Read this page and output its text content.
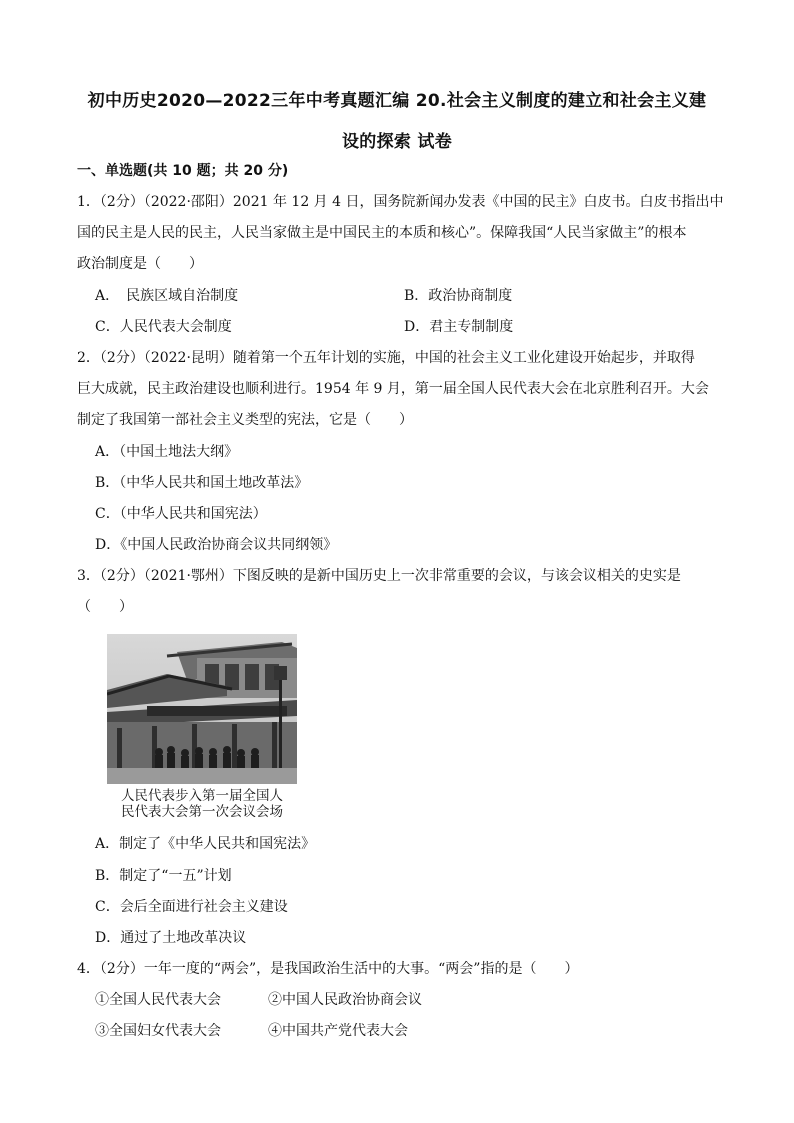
初中历史2020—2022三年中考真题汇编 20.社会主义制度的建立和社会主义建
设的探索 试卷
一、单选题(共 10 题；共 20 分)
1．（2分）（2022·邵阳）2021 年 12 月 4 日，国务院新闻办发表《中国的民主》白皮书。白皮书指出中
国的民主是人民的民主，人民当家做主是中国民主的本质和核心”。保障我国“人民当家做主”的根本
政治制度是（　　）
A．　民族区域自治制度	B．政治协商制度
C．人民代表大会制度	D．君主专制制度
2．（2分）（2022·昆明）随着第一个五年计划的实施，中国的社会主义工业化建设开始起步，并取得
巨大成就，民主政治建设也顺利进行。1954 年 9 月，第一届全国人民代表大会在北京胜利召开。大会
制定了我国第一部社会主义类型的宪法，它是（　　）
A．（中国土地法大纲》
B．（中华人民共和国土地改革法》
C．（中华人民共和国宪法）
D．《中国人民政治协商会议共同纲领》
3．（2分）（2021·鄂州）下图反映的是新中国历史上一次非常重要的会议，与该会议相关的史实是
（　　）
人民代表步入第一届全国人
民代表大会第一次会议会场
A．制定了《中华人民共和国宪法》
B．制定了“一五”计划
C．会后全面进行社会主义建设
D．通过了土地改革决议
4．（2分）一年一度的“两会”，是我国政治生活中的大事。“两会”指的是（　　）
①全国人民代表大会	②中国人民政治协商会议
③全国妇女代表大会	④中国共产党代表大会
